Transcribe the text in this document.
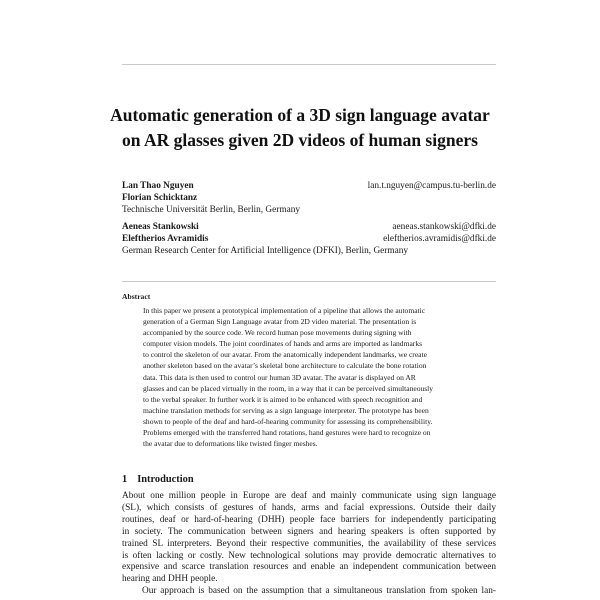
Automatic generation of a 3D sign language avatar
on AR glasses given 2D videos of human signers
Lan Thao Nguyen	lan.t.nguyen@campus.tu-berlin.de
Florian Schicktanz
Technische Universität Berlin, Berlin, Germany
Aeneas Stankowski	aeneas.stankowski@dfki.de
Eleftherios Avramidis	eleftherios.avramidis@dfki.de
German Research Center for Artificial Intelligence (DFKI), Berlin, Germany
Abstract
In this paper we present a prototypical implementation of a pipeline that allows the automatic
generation of a German Sign Language avatar from 2D video material. The presentation is
accompanied by the source code. We record human pose movements during signing with
computer vision models. The joint coordinates of hands and arms are imported as landmarks
to control the skeleton of our avatar. From the anatomically independent landmarks, we create
another skeleton based on the avatar’s skeletal bone architecture to calculate the bone rotation
data. This data is then used to control our human 3D avatar. The avatar is displayed on AR
glasses and can be placed virtually in the room, in a way that it can be perceived simultaneously
to the verbal speaker. In further work it is aimed to be enhanced with speech recognition and
machine translation methods for serving as a sign language interpreter. The prototype has been
shown to people of the deaf and hard-of-hearing community for assessing its comprehensibility.
Problems emerged with the transferred hand rotations, hand gestures were hard to recognize on
the avatar due to deformations like twisted finger meshes.
1 Introduction
About one million people in Europe are deaf and mainly communicate using sign language
(SL), which consists of gestures of hands, arms and facial expressions. Outside their daily
routines, deaf or hard-of-hearing (DHH) people face barriers for independently participating
in society. The communication between signers and hearing speakers is often supported by
trained SL interpreters. Beyond their respective communities, the availability of these services
is often lacking or costly. New technological solutions may provide democratic alternatives to
expensive and scarce translation resources and enable an independent communication between
hearing and DHH people.
Our approach is based on the assumption that a simultaneous translation from spoken lan-
